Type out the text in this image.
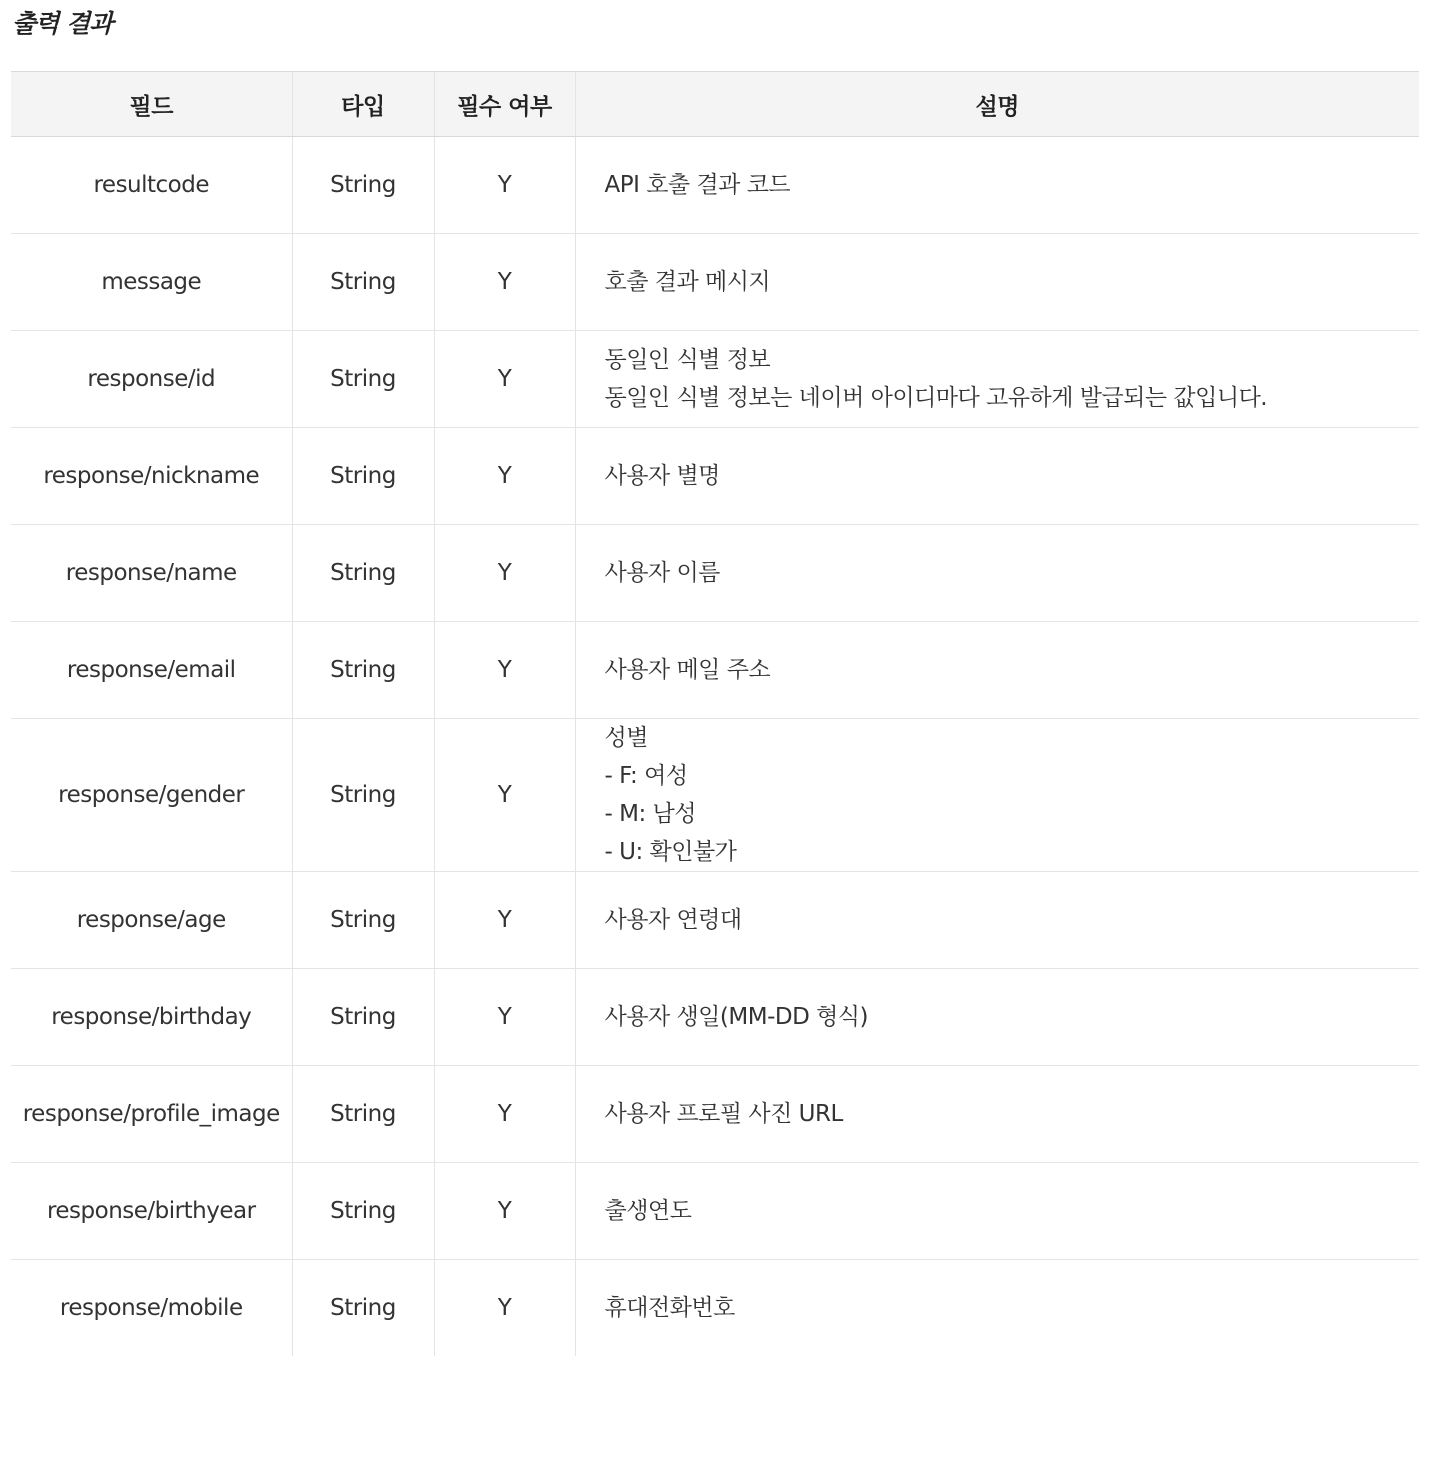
출력 결과
필드	타입	필수 여부	설명
resultcode	String	Y	API 호출 결과 코드

message	String	Y	호출 결과 메시지

response/id	String	Y	동일인 식별 정보
동일인 식별 정보는 네이버 아이디마다 고유하게 발급되는 값입니다.

response/nickname	String	Y	사용자 별명

response/name	String	Y	사용자 이름

response/email	String	Y	사용자 메일 주소

response/gender	String	Y	성별
- F: 여성
- M: 남성
- U: 확인불가

response/age	String	Y	사용자 연령대

response/birthday	String	Y	사용자 생일(MM-DD 형식)

response/profile_image	String	Y	사용자 프로필 사진 URL

response/birthyear	String	Y	출생연도

response/mobile	String	Y	휴대전화번호
